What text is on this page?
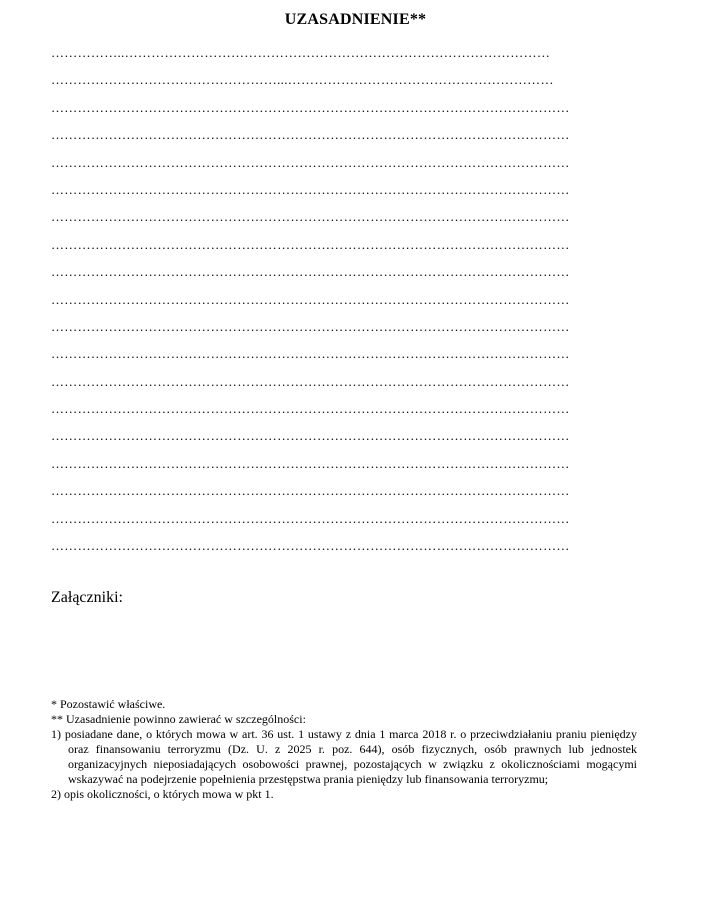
UZASADNIENIE**
……………..……………………………………………………………………………………
……………………………………………...……………………………………………………
………………………………………………………………………………………………………
………………………………………………………………………………………………………
………………………………………………………………………………………………………
………………………………………………………………………………………………………
………………………………………………………………………………………………………
………………………………………………………………………………………………………
………………………………………………………………………………………………………
………………………………………………………………………………………………………
………………………………………………………………………………………………………
………………………………………………………………………………………………………
………………………………………………………………………………………………………
………………………………………………………………………………………………………
………………………………………………………………………………………………………
………………………………………………………………………………………………………
………………………………………………………………………………………………………
………………………………………………………………………………………………………
………………………………………………………………………………………………………
Załączniki:

* Pozostawić właściwe.

** Uzasadnienie powinno zawierać w szczególności:

1) posiadane dane, o których mowa w art. 36 ust. 1 ustawy z dnia 1 marca 2018 r. o przeciwdziałaniu praniu pieniędzy oraz finansowaniu terroryzmu (Dz. U. z 2025 r. poz. 644), osób fizycznych, osób prawnych lub jednostek organizacyjnych nieposiadających osobowości prawnej, pozostających w związku z okolicznościami mogącymi wskazywać na podejrzenie popełnienia przestępstwa prania pieniędzy lub finansowania terroryzmu;

2) opis okoliczności, o których mowa w pkt 1.
